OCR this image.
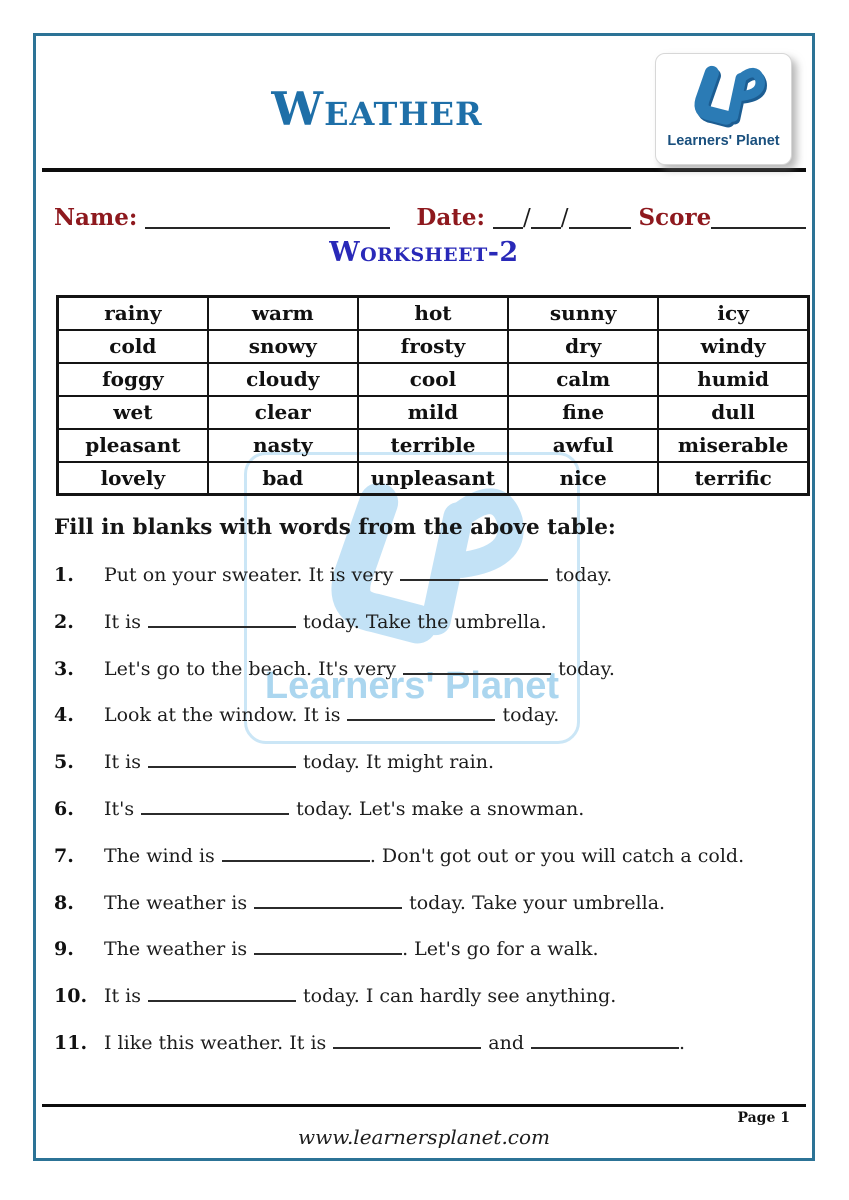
Learners' Planet
Weather
Learners' Planet
Name:	Date: / /	Score
Worksheet-2
rainy	warm	hot	sunny	icy
cold	snowy	frosty	dry	windy
foggy	cloudy	cool	calm	humid
wet	clear	mild	fine	dull
pleasant	nasty	terrible	awful	miserable
lovely	bad	unpleasant	nice	terrific
Fill in blanks with words from the above table:
1.	Put on your sweater. It is very	today.
2.	It is	today. Take the umbrella.
3.	Let's go to the beach. It's very	today.
4.	Look at the window. It is	today.
5.	It is	today. It might rain.
6.	It's	today. Let's make a snowman.
7.	The wind is	. Don't got out or you will catch a cold.
8.	The weather is	today. Take your umbrella.
9.	The weather is	. Let's go for a walk.
10. It is	today. I can hardly see anything.
11. I like this weather. It is	and	.
Page 1
www.learnersplanet.com
